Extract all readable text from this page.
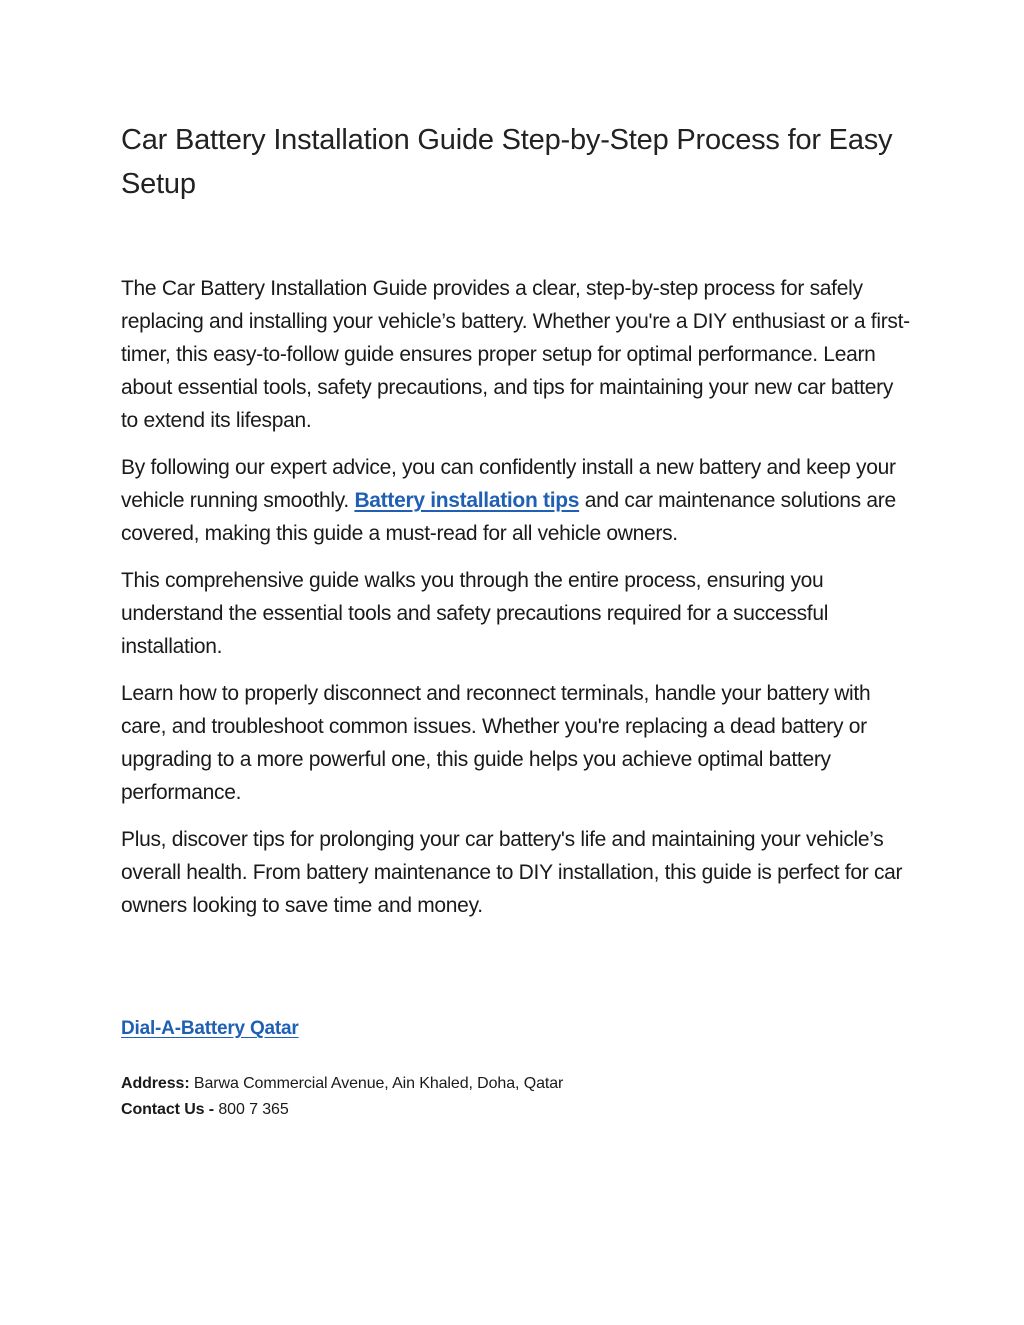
Car Battery Installation Guide Step-by-Step Process for Easy Setup

The Car Battery Installation Guide provides a clear, step-by-step process for safely replacing and installing your vehicle’s battery. Whether you're a DIY enthusiast or a first-timer, this easy-to-follow guide ensures proper setup for optimal performance. Learn about essential tools, safety precautions, and tips for maintaining your new car battery to extend its lifespan.

By following our expert advice, you can confidently install a new battery and keep your vehicle running smoothly. Battery installation tips and car maintenance solutions are covered, making this guide a must-read for all vehicle owners.

This comprehensive guide walks you through the entire process, ensuring you understand the essential tools and safety precautions required for a successful installation.

Learn how to properly disconnect and reconnect terminals, handle your battery with care, and troubleshoot common issues. Whether you're replacing a dead battery or upgrading to a more powerful one, this guide helps you achieve optimal battery performance.

Plus, discover tips for prolonging your car battery's life and maintaining your vehicle’s overall health. From battery maintenance to DIY installation, this guide is perfect for car owners looking to save time and money.

Dial-A-Battery Qatar
Address: Barwa Commercial Avenue, Ain Khaled, Doha, Qatar
Contact Us - 800 7 365
